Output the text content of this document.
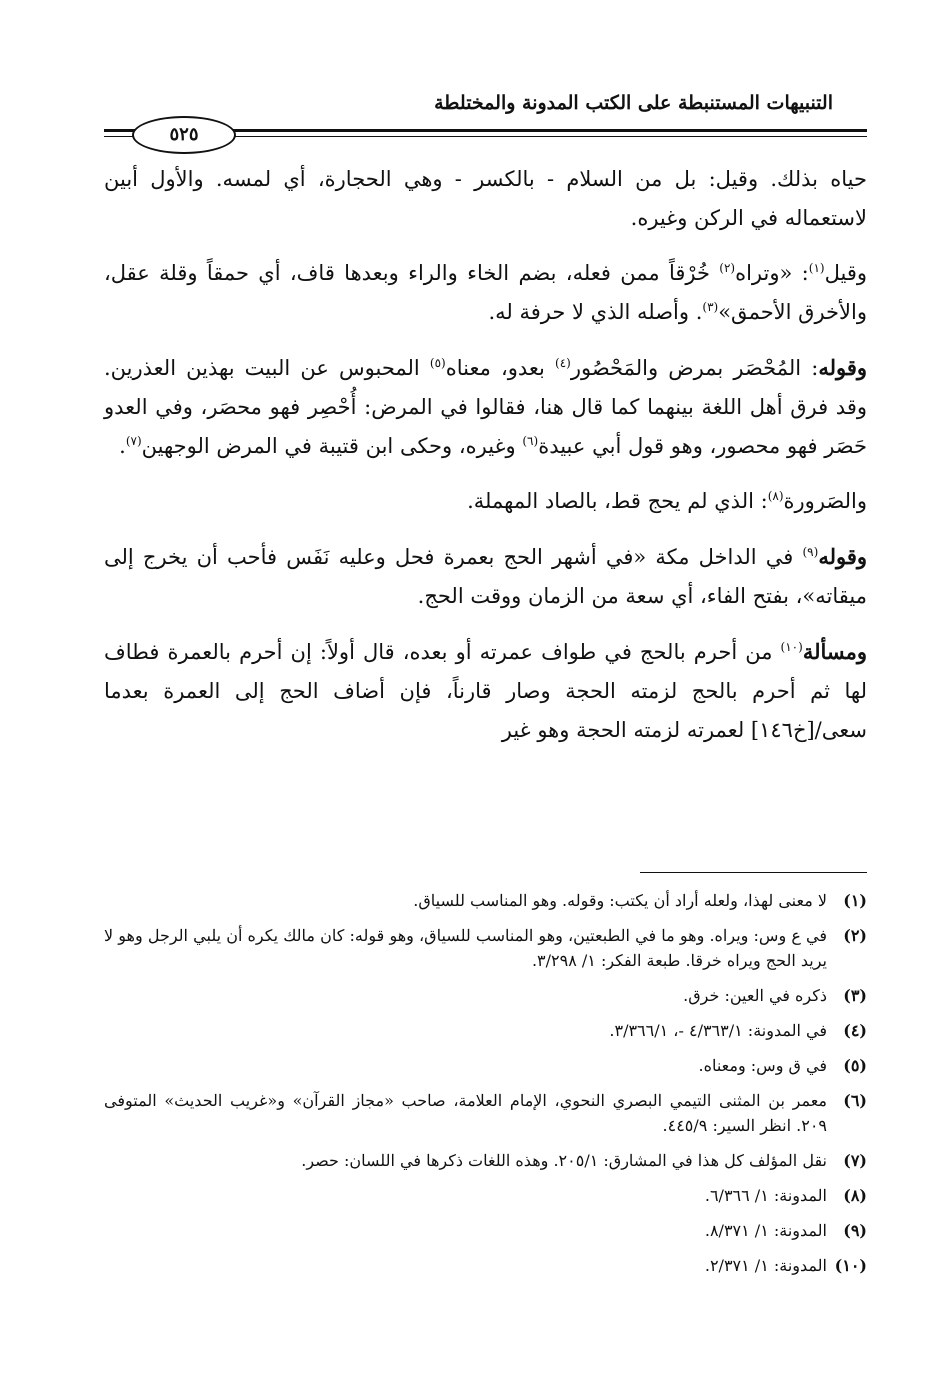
التنبيهات المستنبطة على الكتب المدونة والمختلطة
٥٢٥

حياه بذلك. وقيل: بل من السلام - بالكسر - وهي الحجارة، أي لمسه. والأول أبين لاستعماله في الركن وغيره.

وقيل$^{(١)}$: «وتراه$^{(٢)}$ خُرْقاً ممن فعله، بضم الخاء والراء وبعدها قاف، أي حمقاً وقلة عقل، والأخرق الأحمق»$^{(٣)}$. وأصله الذي لا حرفة له.

وقوله: المُحْصَر بمرض والمَحْصُور$^{(٤)}$ بعدو، معناه$^{(٥)}$ المحبوس عن البيت بهذين العذرين. وقد فرق أهل اللغة بينهما كما قال هنا، فقالوا في المرض: أُحْصِر فهو محصَر، وفي العدو حَصَر فهو محصور، وهو قول أبي عبيدة$^{(٦)}$ وغيره، وحكى ابن قتيبة في المرض الوجهين$^{(٧)}$.

والصَرورة$^{(٨)}$: الذي لم يحج قط، بالصاد المهملة.

وقوله$^{(٩)}$ في الداخل مكة «في أشهر الحج بعمرة فحل وعليه نَفَس فأحب أن يخرج إلى ميقاته»، بفتح الفاء، أي سعة من الزمان ووقت الحج.

ومسألة$^{(١٠)}$ من أحرم بالحج في طواف عمرته أو بعده، قال أولاً: إن أحرم بالعمرة فطاف لها ثم أحرم بالحج لزمته الحجة وصار قارناً، فإن أضاف الحج إلى العمرة بعدما سعى/[خ١٤٦] لعمرته لزمته الحجة وهو غير

(١)
لا معنى لهذا، ولعله أراد أن يكتب: وقوله. وهو المناسب للسياق.
(٢)
في ع وس: ويراه. وهو ما في الطبعتين، وهو المناسب للسياق، وهو قوله: كان مالك يكره أن يلبي الرجل وهو لا يريد الحج ويراه خرقا. طبعة الفكر: ١/ ٣/٢٩٨.
(٣)
ذكره في العين: خرق.
(٤)
في المدونة: ٤/٣٦٣/١ -، ٣/٣٦٦/١.
(٥)
في ق وس: ومعناه.
(٦)
معمر بن المثنى التيمي البصري النحوي، الإمام العلامة، صاحب «مجاز القرآن» و«غريب الحديث» المتوفى ٢٠٩. انظر السير: ٤٤٥/٩.
(٧)
نقل المؤلف كل هذا في المشارق: ٢٠٥/١. وهذه اللغات ذكرها في اللسان: حصر.
(٨)
المدونة: ١/ ٦/٣٦٦.
(٩)
المدونة: ١/ ٨/٣٧١.
(١٠)
المدونة: ١/ ٢/٣٧١.
